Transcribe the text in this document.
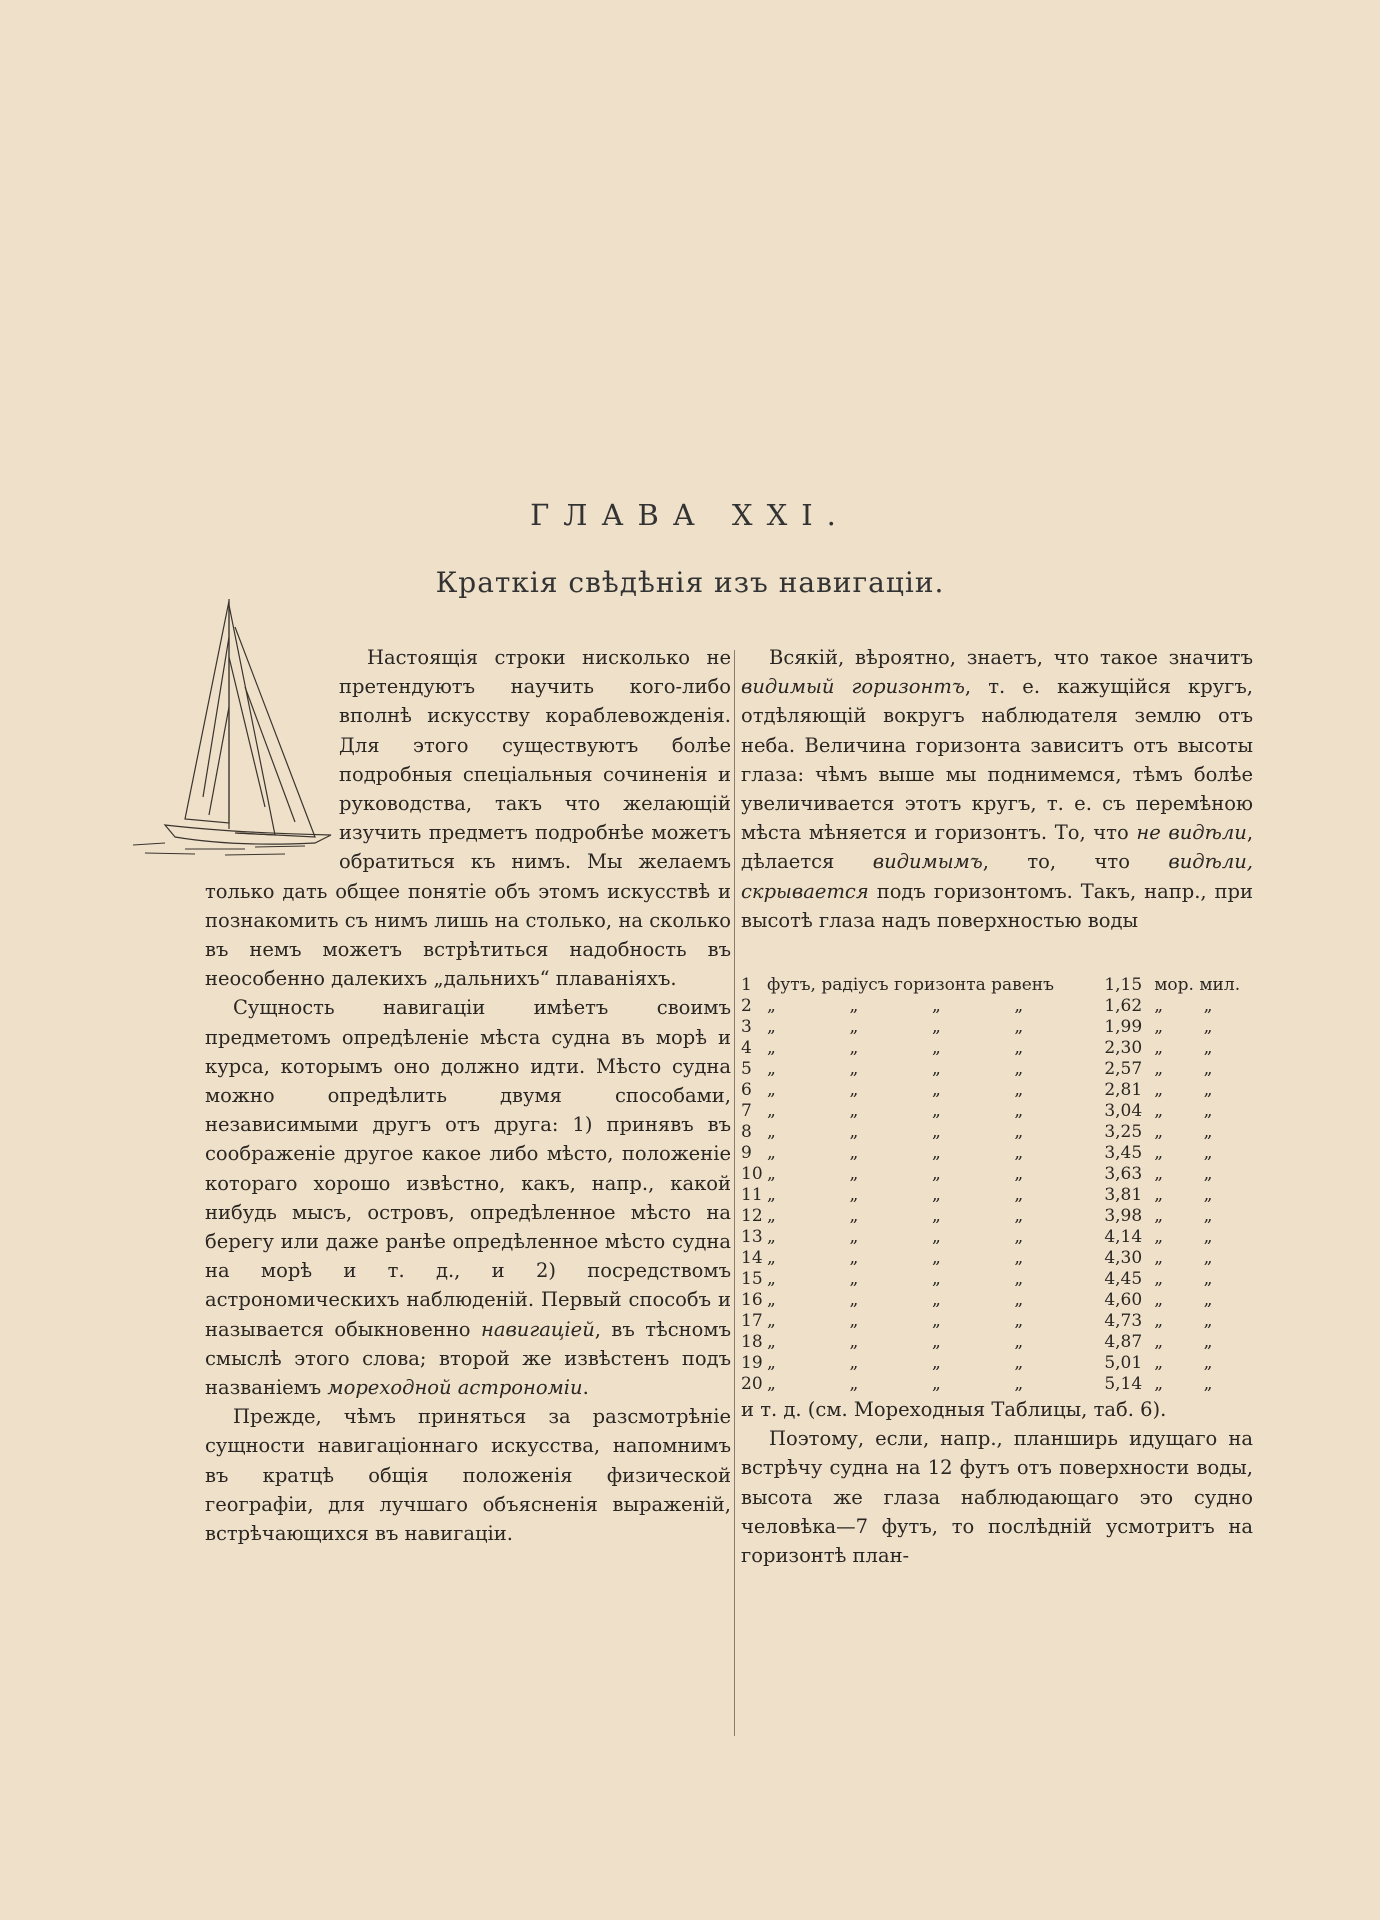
ГЛАВА XXI.
Краткія свѣдѣнія изъ навигаціи.

Настоящія строки нисколько не претендуютъ научить кого-либо вполнѣ искусству кораблевожденія. Для этого существуютъ болѣе подробныя спеціальныя сочиненія и руководства, такъ что желающій изучить предметъ подробнѣе можетъ обратиться къ нимъ. Мы желаемъ только дать общее понятіе объ этомъ искусствѣ и познакомить съ нимъ лишь на столько, на сколько въ немъ можетъ встрѣтиться надобность въ неособенно далекихъ „дальнихъ“ плаваніяхъ.

Сущность навигаціи имѣетъ своимъ предметомъ опредѣленіе мѣста судна въ морѣ и курса, которымъ оно должно идти. Мѣсто судна можно опредѣлить двумя способами, независимыми другъ отъ друга: 1) принявъ въ соображеніе другое какое либо мѣсто, положеніе котораго хорошо извѣстно, какъ, напр., какой нибудь мысъ, островъ, опредѣленное мѣсто на берегу или даже ранѣе опредѣленное мѣсто судна на морѣ и т. д., и 2) посредствомъ астрономическихъ наблюденій. Первый способъ и называется обыкновенно навигаціей, въ тѣсномъ смыслѣ этого слова; второй же извѣстенъ подъ названіемъ мореходной астрономіи.

Прежде, чѣмъ приняться за разсмотрѣніе сущности навигаціоннаго искусства, напомнимъ въ кратцѣ общія положенія физической географіи, для лучшаго объясненія выраженій, встрѣчающихся въ навигаціи.

Всякій, вѣроятно, знаетъ, что такое значитъ видимый горизонтъ, т. е. кажущійся кругъ, отдѣляющій вокругъ наблюдателя землю отъ неба. Величина горизонта зависитъ отъ высоты глаза: чѣмъ выше мы поднимемся, тѣмъ болѣе увеличивается этотъ кругъ, т. е. съ перемѣною мѣста мѣняется и горизонтъ. То, что не видѣли, дѣлается видимымъ, то, что видѣли, скрывается подъ горизонтомъ. Такъ, напр., при высотѣ глаза надъ поверхностью воды

1	футъ, радіусъ горизонта равенъ				1,15	мор. мил.	
2	„	„	„	„	1,62	„	„
3	„	„	„	„	1,99	„	„
4	„	„	„	„	2,30	„	„
5	„	„	„	„	2,57	„	„
6	„	„	„	„	2,81	„	„
7	„	„	„	„	3,04	„	„
8	„	„	„	„	3,25	„	„
9	„	„	„	„	3,45	„	„
10	„	„	„	„	3,63	„	„
11	„	„	„	„	3,81	„	„
12	„	„	„	„	3,98	„	„
13	„	„	„	„	4,14	„	„
14	„	„	„	„	4,30	„	„
15	„	„	„	„	4,45	„	„
16	„	„	„	„	4,60	„	„
17	„	„	„	„	4,73	„	„
18	„	„	„	„	4,87	„	„
19	„	„	„	„	5,01	„	„
20	„	„	„	„	5,14	„	„

и т. д. (см. Мореходныя Таблицы, таб. 6).

Поэтому, если, напр., планширь идущаго на встрѣчу судна на 12 футъ отъ поверхности воды, высота же глаза наблюдающаго это судно человѣка—7 футъ, то послѣдній усмотритъ на горизонтѣ план-
